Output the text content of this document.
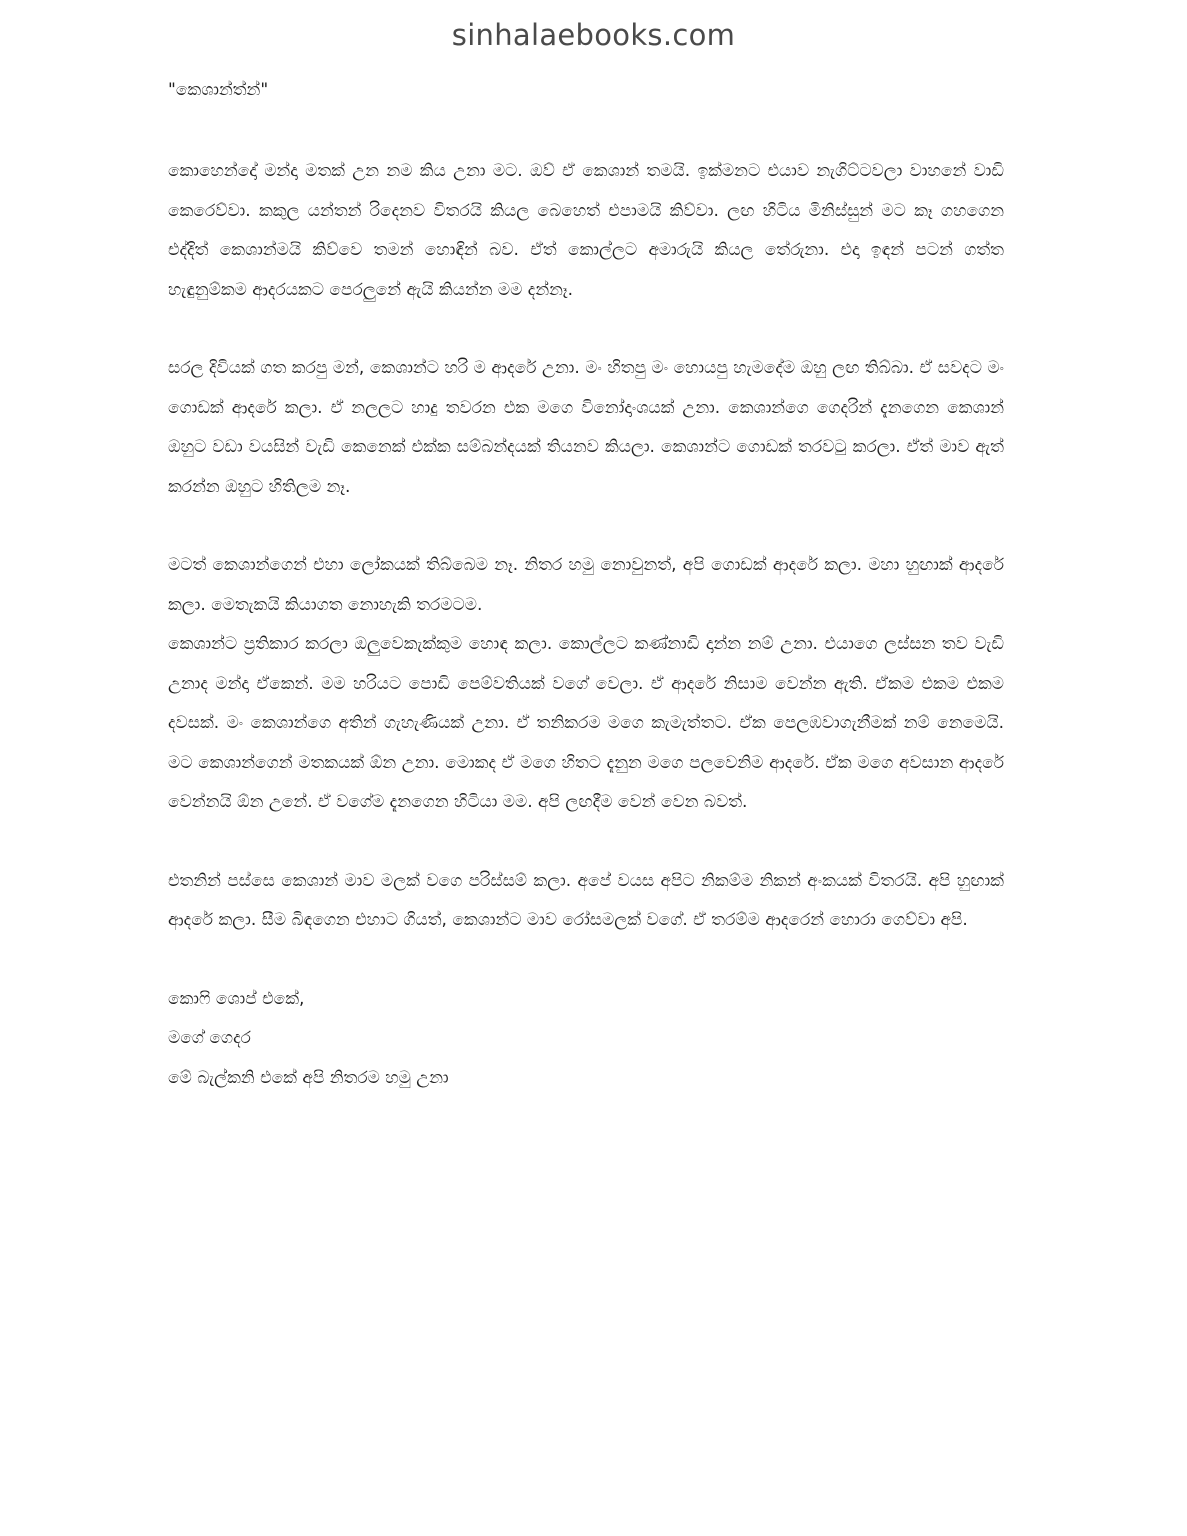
sinhalaebooks.com
"කෙශාන්ත්න්"

කොහෙන්දෝ මන්දා මතක් උන නම කිය උනා මට. ඔව් ඒ කෙශාන් තමයි. ඉක්මනට එයාව නැගිට්ටවලා වාහනේ වාඩි කෙරෙව්වා. කකුල යන්තන් රිදෙනව විතරයි කියල බෙහෙත් එපාමයි කිව්වා. ලඟ හිටිය මිනිස්සුන් මට කෑ ගහගෙන එද්දිත් කෙශාන්මයි කිව්වෙ තමන් හොඳින් බව. ඒත් කොල්ලට අමාරුයි කියල තේරුනා. එදා ඉඳන් පටන් ගත්ත හැඳුනුම්කම ආදරයකට පෙරලුනේ ඇයි කියන්න මම දන්නෑ.

සරල දිවියක් ගත කරපු මන්, කෙශාන්ට හරි ම ආදරේ උනා. මං හිතපු මං හොයපු හැමදේම ඔහු ලඟ තිබ්බා. ඒ සවදට මං ගොඩක් ආදරේ කලා. ඒ නලලට හාදු තවරන එක මගෙ විනෝදාංශයක් උනා. කෙශාන්ගෙ ගෙදරින් දැනගෙන කෙශාන් ඔහුට වඩා වයසින් වැඩි කෙනෙක් එක්ක සම්බන්දයක් තියනව කියලා. කෙශාන්ට ගොඩක් තරවටු කරලා. ඒත් මාව ඇත් කරන්න ඔහුට හිතිලම නෑ.

මටත් කෙශාන්ගෙන් එහා ලෝකයක් තිබ්බෙම නෑ. නිතර හමු නොවුනත්, අපි ගොඩක් ආදරේ කලා. මහා හුඟාක් ආදරේ කලා. මෙතැකයි කියාගත නොහැකි තරමටම.

කෙශාන්ට ප්‍රතිකාර කරලා ඔලුවෙකැක්කුම හොඳ කලා. කොල්ලට කණ්නාඩි දාන්න නම් උනා. එයාගෙ ලස්සන තව වැඩි උනාද මන්දා ඒකෙන්. මම හරියට පොඩි පෙම්වතියක් වගේ වෙලා. ඒ ආදරේ නිසාම වෙන්න ඇති. ඒකම එකම එකම දවසක්. මං කෙශාන්ගෙ අතින් ගැහැණියක් උනා. ඒ තනිකරම මගෙ කැමැත්තට. ඒක පෙලඹවාගැනීමක් නම් නෙමෙයි. මට කෙශාන්ගෙන් මතකයක් ඕන උනා. මොකද ඒ මගෙ හිතට දැනුන මගෙ පලවෙනිම ආදරේ. ඒක මගෙ අවසාන ආදරේ වෙන්නයි ඕන උනේ. ඒ වගේම දැනගෙන හිටියා මම. අපි ලඟදීම වෙන් වෙන බවත්.

එතනින් පස්සෙ කෙශාන් මාව මලක් වගෙ පරිස්සම් කලා. අපේ වයස අපිට නිකම්ම නිකන් අංකයක් විතරයි. අපි හුඟාක් ආදරේ කලා. සීම බිඳගෙන එහාට ගියත්, කෙශාන්ට මාව රෝසමලක් වගේ. ඒ තරම්ම ආදරෙන් හොරා ගෙව්වා අපි.

කොෆි ශොප් එකේ,
මගේ ගෙදර
මේ බැල්කනි එකේ අපි නිතරම හමු උනා
